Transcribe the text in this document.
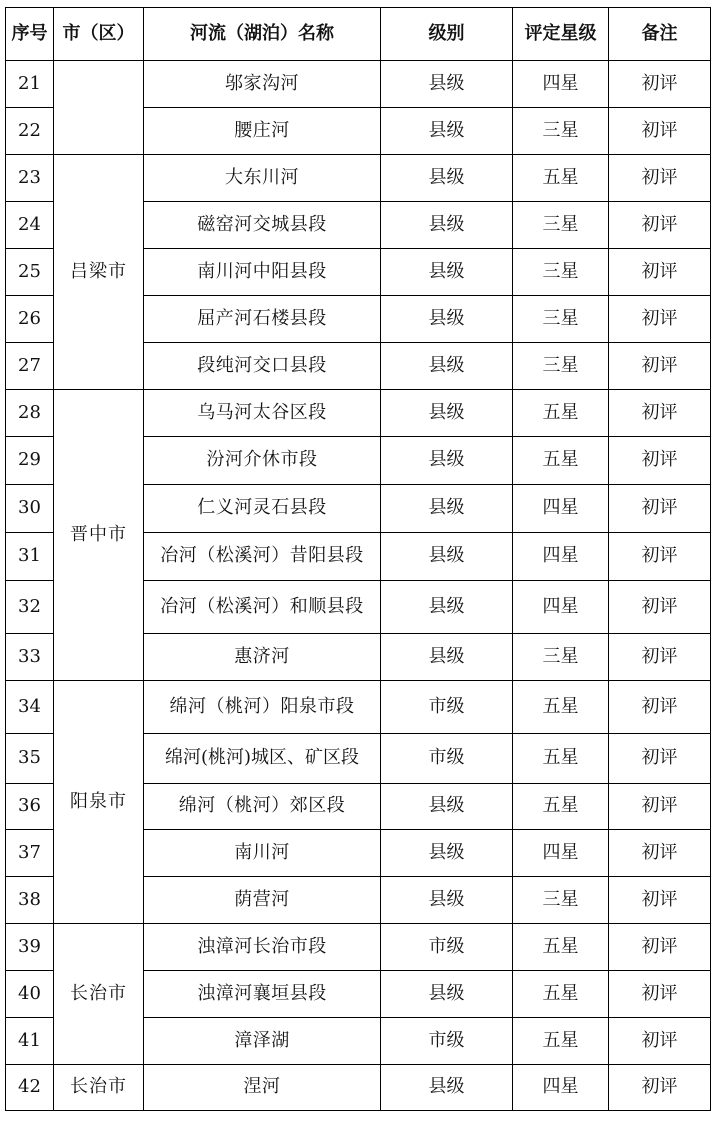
序号	市（区）	河流（湖泊）名称	级别	评定星级	备注
21		邬家沟河	县级	四星	初评
22		腰庄河	县级	三星	初评
23	吕梁市	大东川河	县级	五星	初评
24		磁窑河交城县段	县级	三星	初评
25		南川河中阳县段	县级	三星	初评
26		屈产河石楼县段	县级	三星	初评
27		段纯河交口县段	县级	三星	初评
28	晋中市	乌马河太谷区段	县级	五星	初评
29		汾河介休市段	县级	五星	初评
30		仁义河灵石县段	县级	四星	初评
31		冶河（松溪河）昔阳县段	县级	四星	初评
32		冶河（松溪河）和顺县段	县级	四星	初评
33		惠济河	县级	三星	初评
34	阳泉市	绵河（桃河）阳泉市段	市级	五星	初评
35		绵河(桃河)城区、矿区段	市级	五星	初评
36		绵河（桃河）郊区段	县级	五星	初评
37		南川河	县级	四星	初评
38		荫营河	县级	三星	初评
39	长治市	浊漳河长治市段	市级	五星	初评
40		浊漳河襄垣县段	县级	五星	初评
41		漳泽湖	市级	五星	初评
42	长治市	涅河	县级	四星	初评
